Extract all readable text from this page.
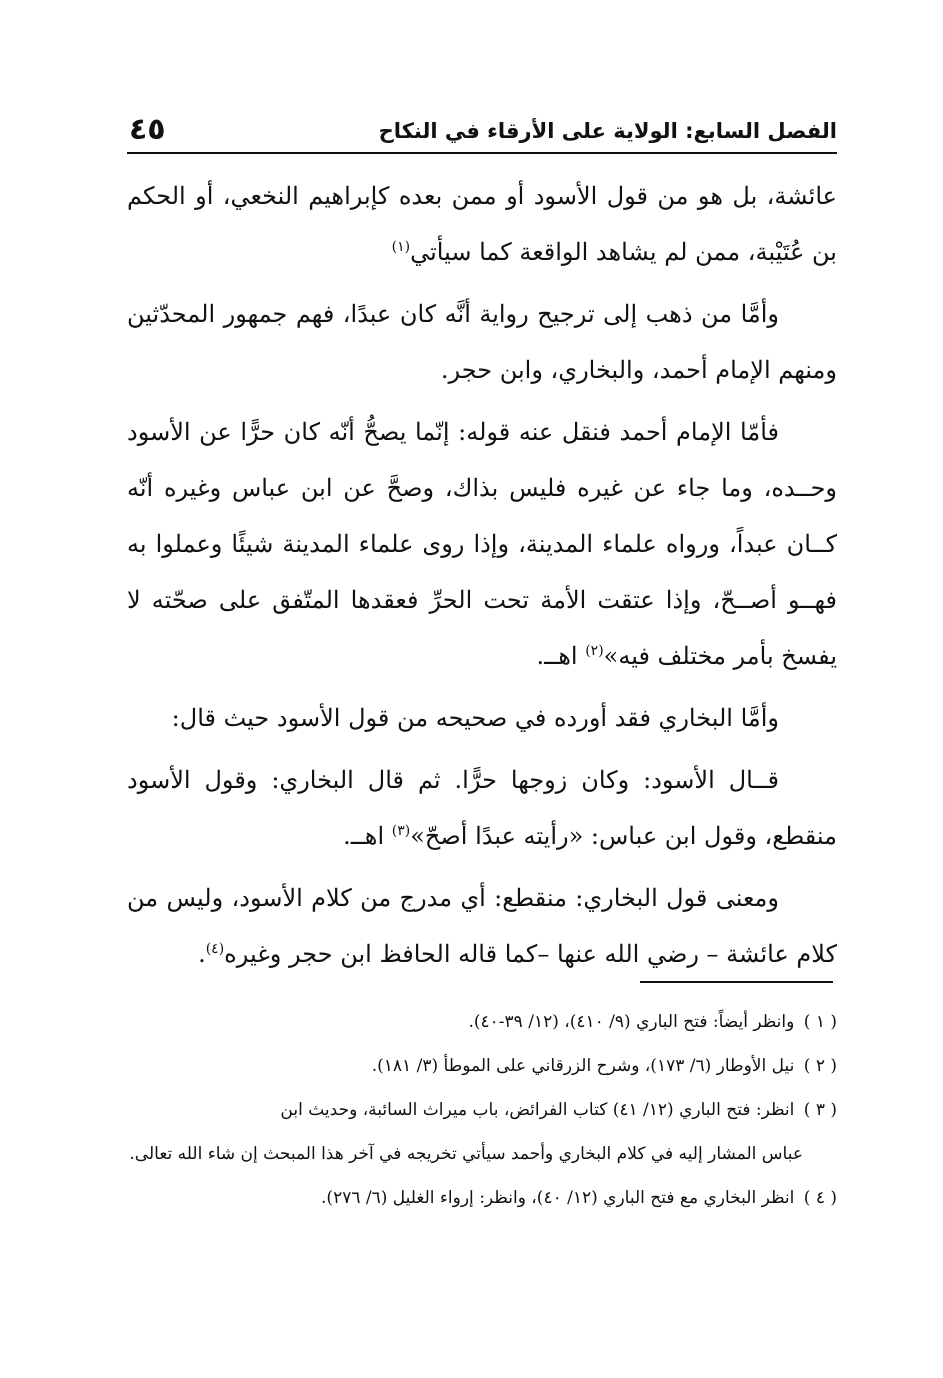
الفصل السابع: الولاية على الأرقاء في النكاح
٤٥

عائشة، بل هو من قول الأسود أو ممن بعده كإبراهيم النخعي، أو الحكم بن عُتَيْبة، ممن لم يشاهد الواقعة كما سيأتي$^{(١)}$

وأمَّا من ذهب إلى ترجيح رواية أنَّه كان عبدًا، فهم جمهور المحدّثين ومنهم الإمام أحمد، والبخاري، وابن حجر.

فأمّا الإمام أحمد فنقل عنه قوله: إنّما يصحُّ أنّه كان حرًّا عن الأسود وحــده، وما جاء عن غيره فليس بذاك، وصحَّ عن ابن عباس وغيره أنّه كــان عبداً، ورواه علماء المدينة، وإذا روى علماء المدينة شيئًا وعملوا به فهــو أصــحّ، وإذا عتقت الأمة تحت الحرِّ فعقدها المتّفق على صحّته لا يفسخ بأمر مختلف فيه»$^{(٢)}$ اهــ.

وأمَّا البخاري فقد أورده في صحيحه من قول الأسود حيث قال:

قــال الأسود: وكان زوجها حرًّا. ثم قال البخاري: وقول الأسود منقطع، وقول ابن عباس: «رأيته عبدًا أصحّ»$^{(٣)}$ اهــ.

ومعنى قول البخاري: منقطع: أي مدرج من كلام الأسود، وليس من كلام عائشة – رضي الله عنها –كما قاله الحافظ ابن حجر وغيره$^{(٤)}$.

( ١ ) وانظر أيضاً: فتح الباري (٩/ ٤١٠)، (١٢/ ٣٩-٤٠).

( ٢ ) نيل الأوطار (٦/ ١٧٣)، وشرح الزرقاني على الموطأ (٣/ ١٨١).

( ٣ ) انظر: فتح الباري (١٢/ ٤١) كتاب الفرائض، باب ميراث السائبة، وحديث ابن
عباس المشار إليه في كلام البخاري وأحمد سيأتي تخريجه في آخر هذا المبحث إن شاء الله تعالى.

( ٤ ) انظر البخاري مع فتح الباري (١٢/ ٤٠)، وانظر: إرواء الغليل (٦/ ٢٧٦).
